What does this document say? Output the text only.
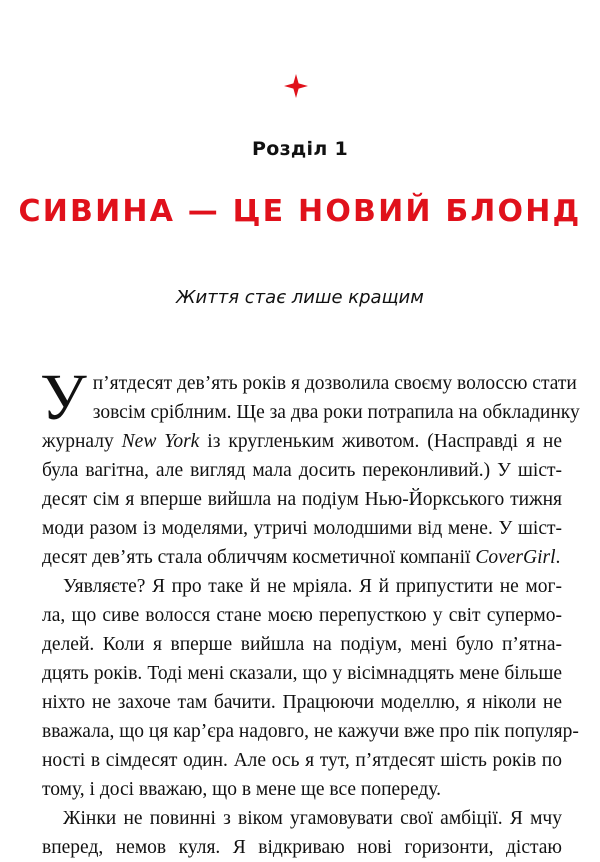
Розділ 1
СИВИНА — ЦЕ НОВИЙ БЛОНД
Життя стає лише кращим
У п’ятдесят дев’ять років я дозволила своєму волоссю стати
зовсім сріблним. Ще за два роки потрапила на обкладинку
журналу New York із кругленьким животом. (Насправді я не
була вагітна, але вигляд мала досить переконливий.) У шіст-
десят сім я вперше вийшла на подіум Нью-Йоркського тижня
моди разом із моделями, утричі молодшими від мене. У шіст-
десят дев’ять стала обличчям косметичної компанії CoverGirl.
Уявляєте? Я про таке й не мріяла. Я й припустити не мог-
ла, що сиве волосся стане моєю перепусткою у світ супермо-
делей. Коли я вперше вийшла на подіум, мені було п’ятна-
дцять років. Тоді мені сказали, що у вісімнадцять мене більше
ніхто не захоче там бачити. Працюючи моделлю, я ніколи не
вважала, що ця кар’єра надовго, не кажучи вже про пік популяр-
ності в сімдесят один. Але ось я тут, п’ятдесят шість років по
тому, і досі вважаю, що в мене ще все попереду.
Жінки не повинні з віком угамовувати свої амбіції. Я мчу
вперед, немов куля. Я відкриваю нові горизонти, дістаю
